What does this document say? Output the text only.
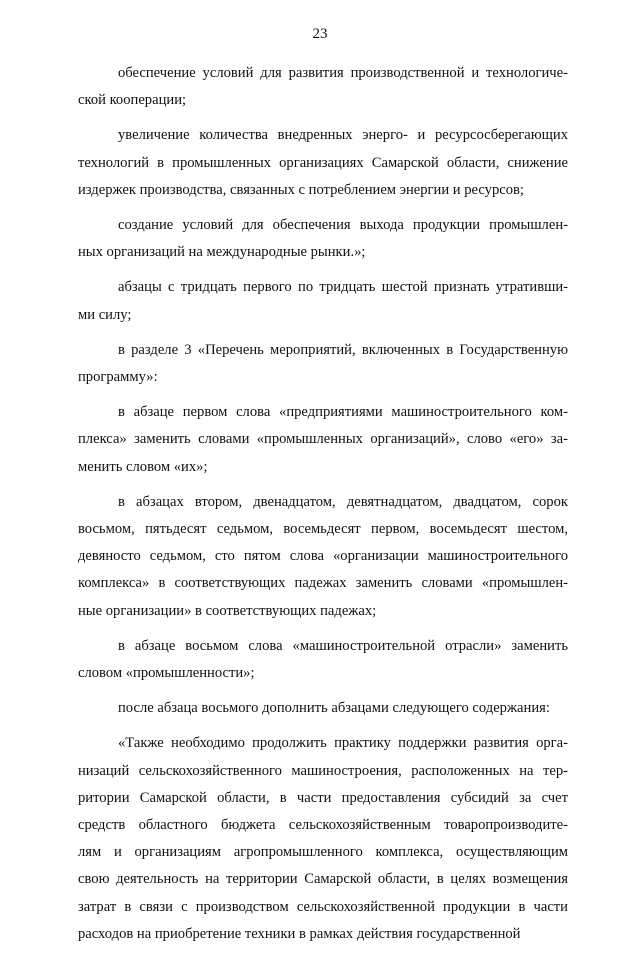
23

обеспечение условий для развития производственной и технологиче-
ской кооперации;

увеличение количества внедренных энерго- и ресурсосберегающих
технологий в промышленных организациях Самарской области, снижение
издержек производства, связанных с потреблением энергии и ресурсов;

создание условий для обеспечения выхода продукции промышлен-
ных организаций на международные рынки.»;

абзацы с тридцать первого по тридцать шестой признать утративши-
ми силу;

в разделе 3 «Перечень мероприятий, включенных в Государственную
программу»:

в абзаце первом слова «предприятиями машиностроительного ком-
плекса» заменить словами «промышленных организаций», слово «его» за-
менить словом «их»;

в абзацах втором, двенадцатом, девятнадцатом, двадцатом, сорок
восьмом, пятьдесят седьмом, восемьдесят первом, восемьдесят шестом,
девяносто седьмом, сто пятом слова «организации машиностроительного
комплекса» в соответствующих падежах заменить словами «промышлен-
ные организации» в соответствующих падежах;

в абзаце восьмом слова «машиностроительной отрасли» заменить
словом «промышленности»;

после абзаца восьмого дополнить абзацами следующего содержания:

«Также необходимо продолжить практику поддержки развития орга-
низаций сельскохозяйственного машиностроения, расположенных на тер-
ритории Самарской области, в части предоставления субсидий за счет
средств областного бюджета сельскохозяйственным товаропроизводите-
лям и организациям агропромышленного комплекса, осуществляющим
свою деятельность на территории Самарской области, в целях возмещения
затрат в связи с производством сельскохозяйственной продукции в части
расходов на приобретение техники в рамках действия государственной
